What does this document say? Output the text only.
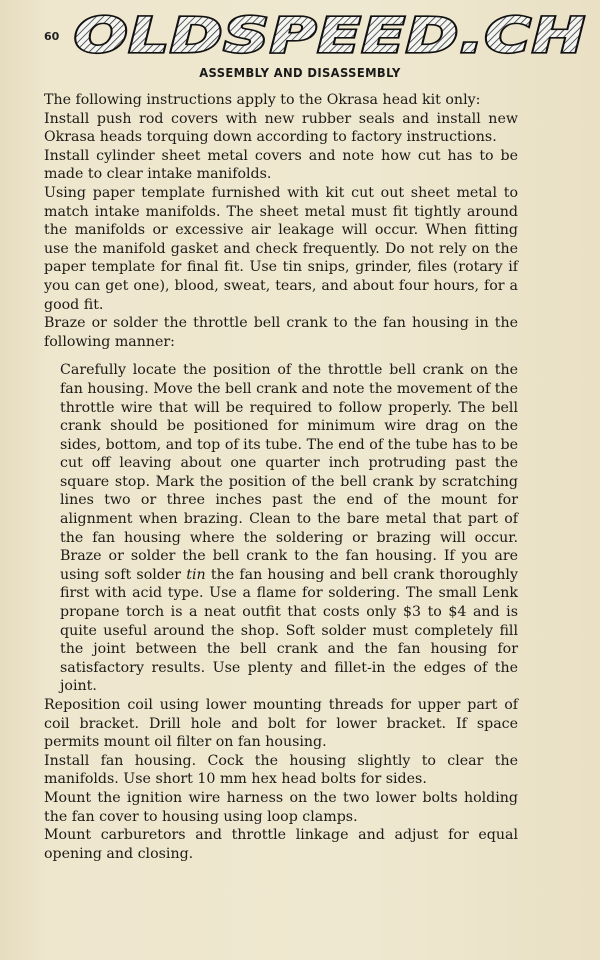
60 OLDSPEED.CH
ASSEMBLY AND DISASSEMBLY

The following instructions apply to the Okrasa head kit only:

Install push rod covers with new rubber seals and install new Okrasa heads torquing down according to factory instructions.

Install cylinder sheet metal covers and note how cut has to be made to clear intake manifolds.

Using paper template furnished with kit cut out sheet metal to match intake manifolds. The sheet metal must fit tightly around the manifolds or excessive air leakage will occur. When fitting use the manifold gasket and check frequently. Do not rely on the paper template for final fit. Use tin snips, grinder, files (rotary if you can get one), blood, sweat, tears, and about four hours, for a good fit.

Braze or solder the throttle bell crank to the fan housing in the following manner:

Carefully locate the position of the throttle bell crank on the fan housing. Move the bell crank and note the movement of the throttle wire that will be required to follow properly. The bell crank should be positioned for minimum wire drag on the sides, bottom, and top of its tube. The end of the tube has to be cut off leaving about one quarter inch protruding past the square stop. Mark the position of the bell crank by scratching lines two or three inches past the end of the mount for alignment when brazing. Clean to the bare metal that part of the fan housing where the soldering or brazing will occur. Braze or solder the bell crank to the fan housing. If you are using soft solder tin the fan housing and bell crank thoroughly first with acid type. Use a flame for soldering. The small Lenk propane torch is a neat outfit that costs only $3 to $4 and is quite useful around the shop. Soft solder must completely fill the joint between the bell crank and the fan housing for satisfactory results. Use plenty and fillet-in the edges of the joint.

Reposition coil using lower mounting threads for upper part of coil bracket. Drill hole and bolt for lower bracket. If space permits mount oil filter on fan housing.

Install fan housing. Cock the housing slightly to clear the manifolds. Use short 10 mm hex head bolts for sides.

Mount the ignition wire harness on the two lower bolts holding the fan cover to housing using loop clamps.

Mount carburetors and throttle linkage and adjust for equal opening and closing.
